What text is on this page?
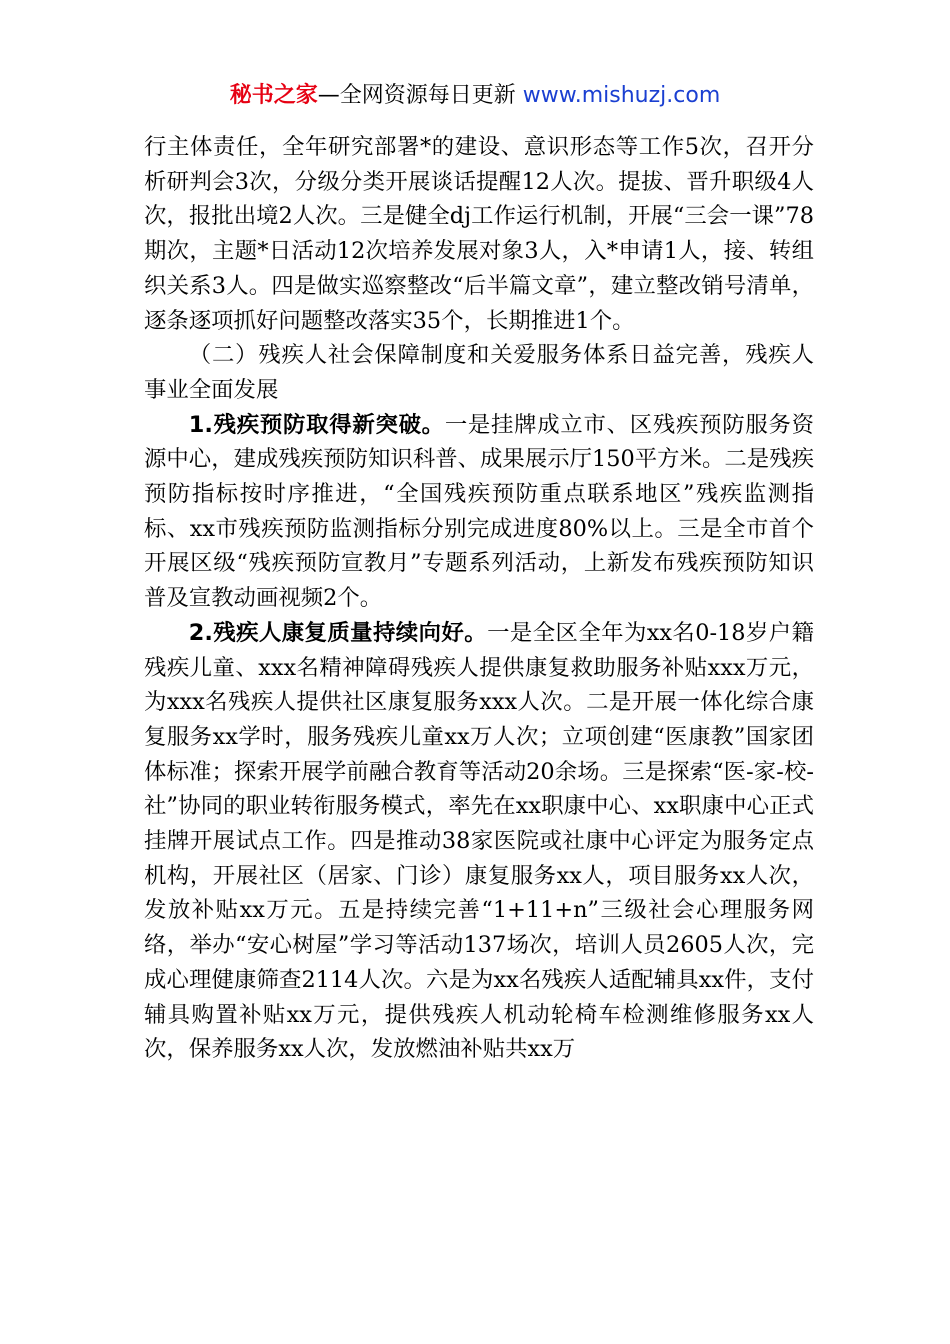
秘书之家—全网资源每日更新 www.mishuzj.com

行主体责任，全年研究部署*的建设、意识形态等工作5次，召开分析研判会3次，分级分类开展谈话提醒12人次。提拔、晋升职级4人次，报批出境2人次。三是健全dj工作运行机制，开展“三会一课”78期次，主题*日活动12次培养发展对象3人，入*申请1人，接、转组织关系3人。四是做实巡察整改“后半篇文章”，建立整改销号清单，逐条逐项抓好问题整改落实35个，长期推进1个。

（二）残疾人社会保障制度和关爱服务体系日益完善，残疾人事业全面发展

1.残疾预防取得新突破。一是挂牌成立市、区残疾预防服务资源中心，建成残疾预防知识科普、成果展示厅150平方米。二是残疾预防指标按时序推进，“全国残疾预防重点联系地区”残疾监测指标、xx市残疾预防监测指标分别完成进度80%以上。三是全市首个开展区级“残疾预防宣教月”专题系列活动，上新发布残疾预防知识普及宣教动画视频2个。

2.残疾人康复质量持续向好。一是全区全年为xx名0-18岁户籍残疾儿童、xxx名精神障碍残疾人提供康复救助服务补贴xxx万元，为xxx名残疾人提供社区康复服务xxx人次。二是开展一体化综合康复服务xx学时，服务残疾儿童xx万人次；立项创建“医康教”国家团体标准；探索开展学前融合教育等活动20余场。三是探索“医-家-校-社”协同的职业转衔服务模式，率先在xx职康中心、xx职康中心正式挂牌开展试点工作。四是推动38家医院或社康中心评定为服务定点机构，开展社区（居家、门诊）康复服务xx人，项目服务xx人次，发放补贴xx万元。五是持续完善“1+11+n”三级社会心理服务网络，举办“安心树屋”学习等活动137场次，培训人员2605人次，完成心理健康筛查2114人次。六是为xx名残疾人适配辅具xx件，支付辅具购置补贴xx万元，提供残疾人机动轮椅车检测维修服务xx人次，保养服务xx人次，发放燃油补贴共xx万
